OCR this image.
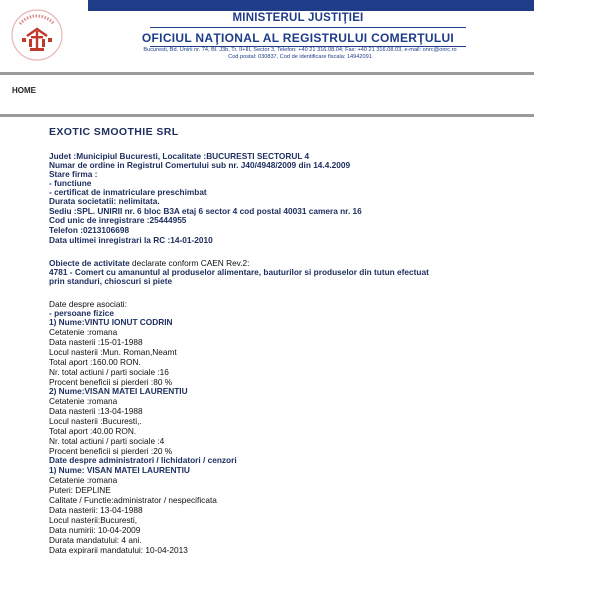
MINISTERUL JUSTIŢIEI
OFICIUL NAŢIONAL AL REGISTRULUI COMERŢULUI
Bucuresti, Bd. Unirii nr. 74, Bl. J3b, Tr. II+III, Sector 3, Telefon: +40 21 316.08.04; Fax: +40 21 316.08.03, e-mail: onrc@onrc.ro
Cod postal: 030837, Cod de identificare fiscala: 14942091
HOME
EXOTIC SMOOTHIE SRL
Judet :Municipiul Bucuresti, Localitate :BUCURESTI SECTORUL 4
Numar de ordine in Registrul Comertului sub nr. J40/4948/2009 din 14.4.2009
Stare firma :
- functiune
- certificat de inmatriculare preschimbat
Durata societatii: nelimitata.
Sediu :SPL. UNIRII nr. 6 bloc B3A etaj 6 sector 4 cod postal 40031 camera nr. 16
Cod unic de inregistrare :25444955
Telefon :0213106698
Data ultimei inregistrari la RC :14-01-2010
Obiecte de activitate declarate conform CAEN Rev.2:
4781 - Comert cu amanuntul al produselor alimentare, bauturilor si produselor din tutun efectuat
prin standuri, chioscuri si piete
Date despre asociati:
- persoane fizice
1) Nume:VINTU IONUT CODRIN
Cetatenie :romana
Data nasterii :15-01-1988
Locul nasterii :Mun. Roman,Neamt
Total aport :160.00 RON.
Nr. total actiuni / parti sociale :16
Procent beneficii si pierderi :80 %
2) Nume:VISAN MATEI LAURENTIU
Cetatenie :romana
Data nasterii :13-04-1988
Locul nasterii :Bucuresti,.
Total aport :40.00 RON.
Nr. total actiuni / parti sociale :4
Procent beneficii si pierderi :20 %
Date despre administratori / lichidatori / cenzori
1) Nume: VISAN MATEI LAURENTIU
Cetatenie :romana
Puteri: DEPLINE
Calitate / Functie:administrator / nespecificata
Data nasterii: 13-04-1988
Locul nasterii:Bucuresti,
Data numirii: 10-04-2009
Durata mandatului: 4 ani.
Data expirarii mandatului: 10-04-2013
